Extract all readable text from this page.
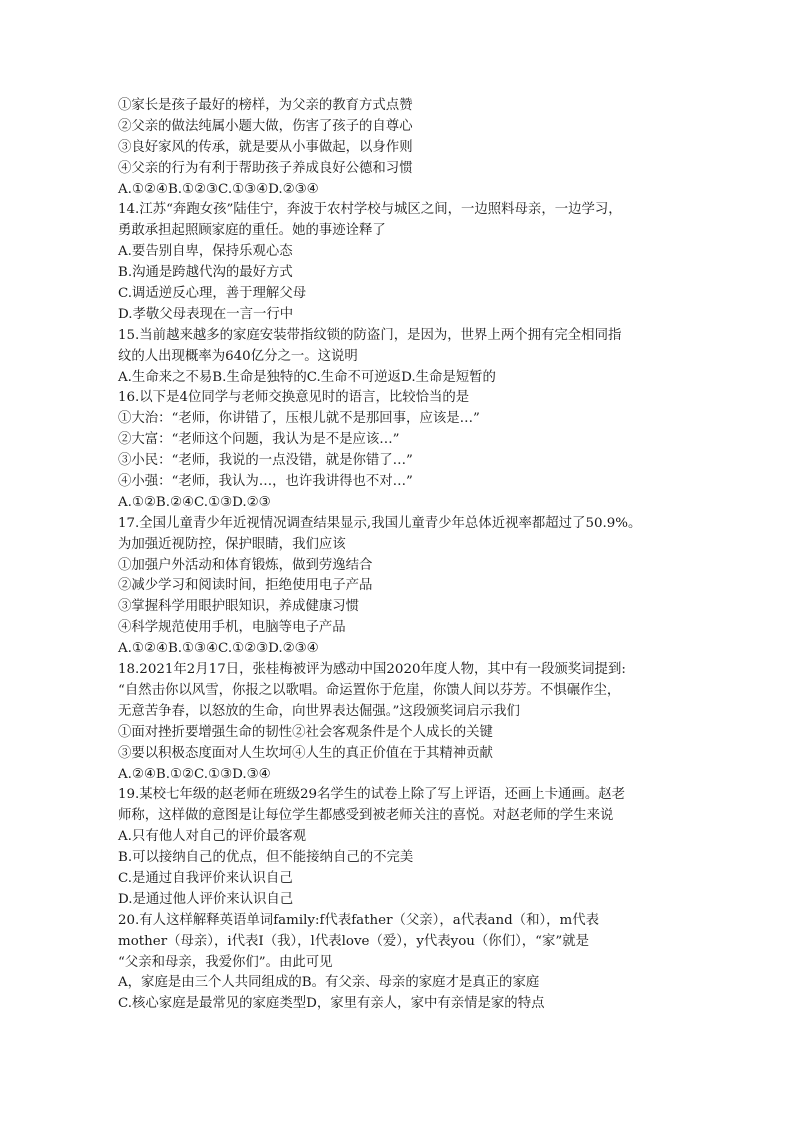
①家长是孩子最好的榜样，为父亲的教育方式点赞
②父亲的做法纯属小题大做，伤害了孩子的自尊心
③良好家风的传承，就是要从小事做起，以身作则
④父亲的行为有利于帮助孩子养成良好公德和习惯
A.①②④B.①②③C.①③④D.②③④
14.江苏“奔跑女孩”陆佳宁，奔波于农村学校与城区之间，一边照料母亲，一边学习，
勇敢承担起照顾家庭的重任。她的事迹诠释了
A.要告别自卑，保持乐观心态
B.沟通是跨越代沟的最好方式
C.调适逆反心理，善于理解父母
D.孝敬父母表现在一言一行中
15.当前越来越多的家庭安装带指纹锁的防盗门，是因为，世界上两个拥有完全相同指
纹的人出现概率为640亿分之一。这说明
A.生命来之不易B.生命是独特的C.生命不可逆返D.生命是短暂的
16.以下是4位同学与老师交换意见时的语言，比较恰当的是
①大治：“老师，你讲错了，压根儿就不是那回事，应该是…”
②大富：“老师这个问题，我认为是不是应该…”
③小民：“老师，我说的一点没错，就是你错了…”
④小强：“老师，我认为…，也许我讲得也不对…”
A.①②B.②④C.①③D.②③
17.全国儿童青少年近视情况调查结果显示,我国儿童青少年总体近视率都超过了50.9%。
为加强近视防控，保护眼睛，我们应该
①加强户外活动和体育锻炼，做到劳逸结合
②减少学习和阅读时间，拒绝使用电子产品
③掌握科学用眼护眼知识，养成健康习惯
④科学规范使用手机，电脑等电子产品
A.①②④B.①③④C.①②③D.②③④
18.2021年2月17日，张桂梅被评为感动中国2020年度人物，其中有一段颁奖词提到:
“自然击你以风雪，你报之以歌唱。命运置你于危崖，你馈人间以芬芳。不惧碾作尘，
无意苦争春，以怒放的生命，向世界表达倔强。”这段颁奖词启示我们
①面对挫折要增强生命的韧性②社会客观条件是个人成长的关键
③要以积极态度面对人生坎坷④人生的真正价值在于其精神贡献
A.②④B.①②C.①③D.③④
19.某校七年级的赵老师在班级29名学生的试卷上除了写上评语，还画上卡通画。赵老
师称，这样做的意图是让每位学生都感受到被老师关注的喜悦。对赵老师的学生来说
A.只有他人对自己的评价最客观
B.可以接纳自己的优点，但不能接纳自己的不完美
C.是通过自我评价来认识自己
D.是通过他人评价来认识自己
20.有人这样解释英语单词family:f代表father（父亲），a代表and（和），m代表
mother（母亲），i代表I（我），l代表love（爱），y代表you（你们），“家”就是
“父亲和母亲，我爱你们”。由此可见
A，家庭是由三个人共同组成的B。有父亲、母亲的家庭才是真正的家庭
C.核心家庭是最常见的家庭类型D，家里有亲人，家中有亲情是家的特点
